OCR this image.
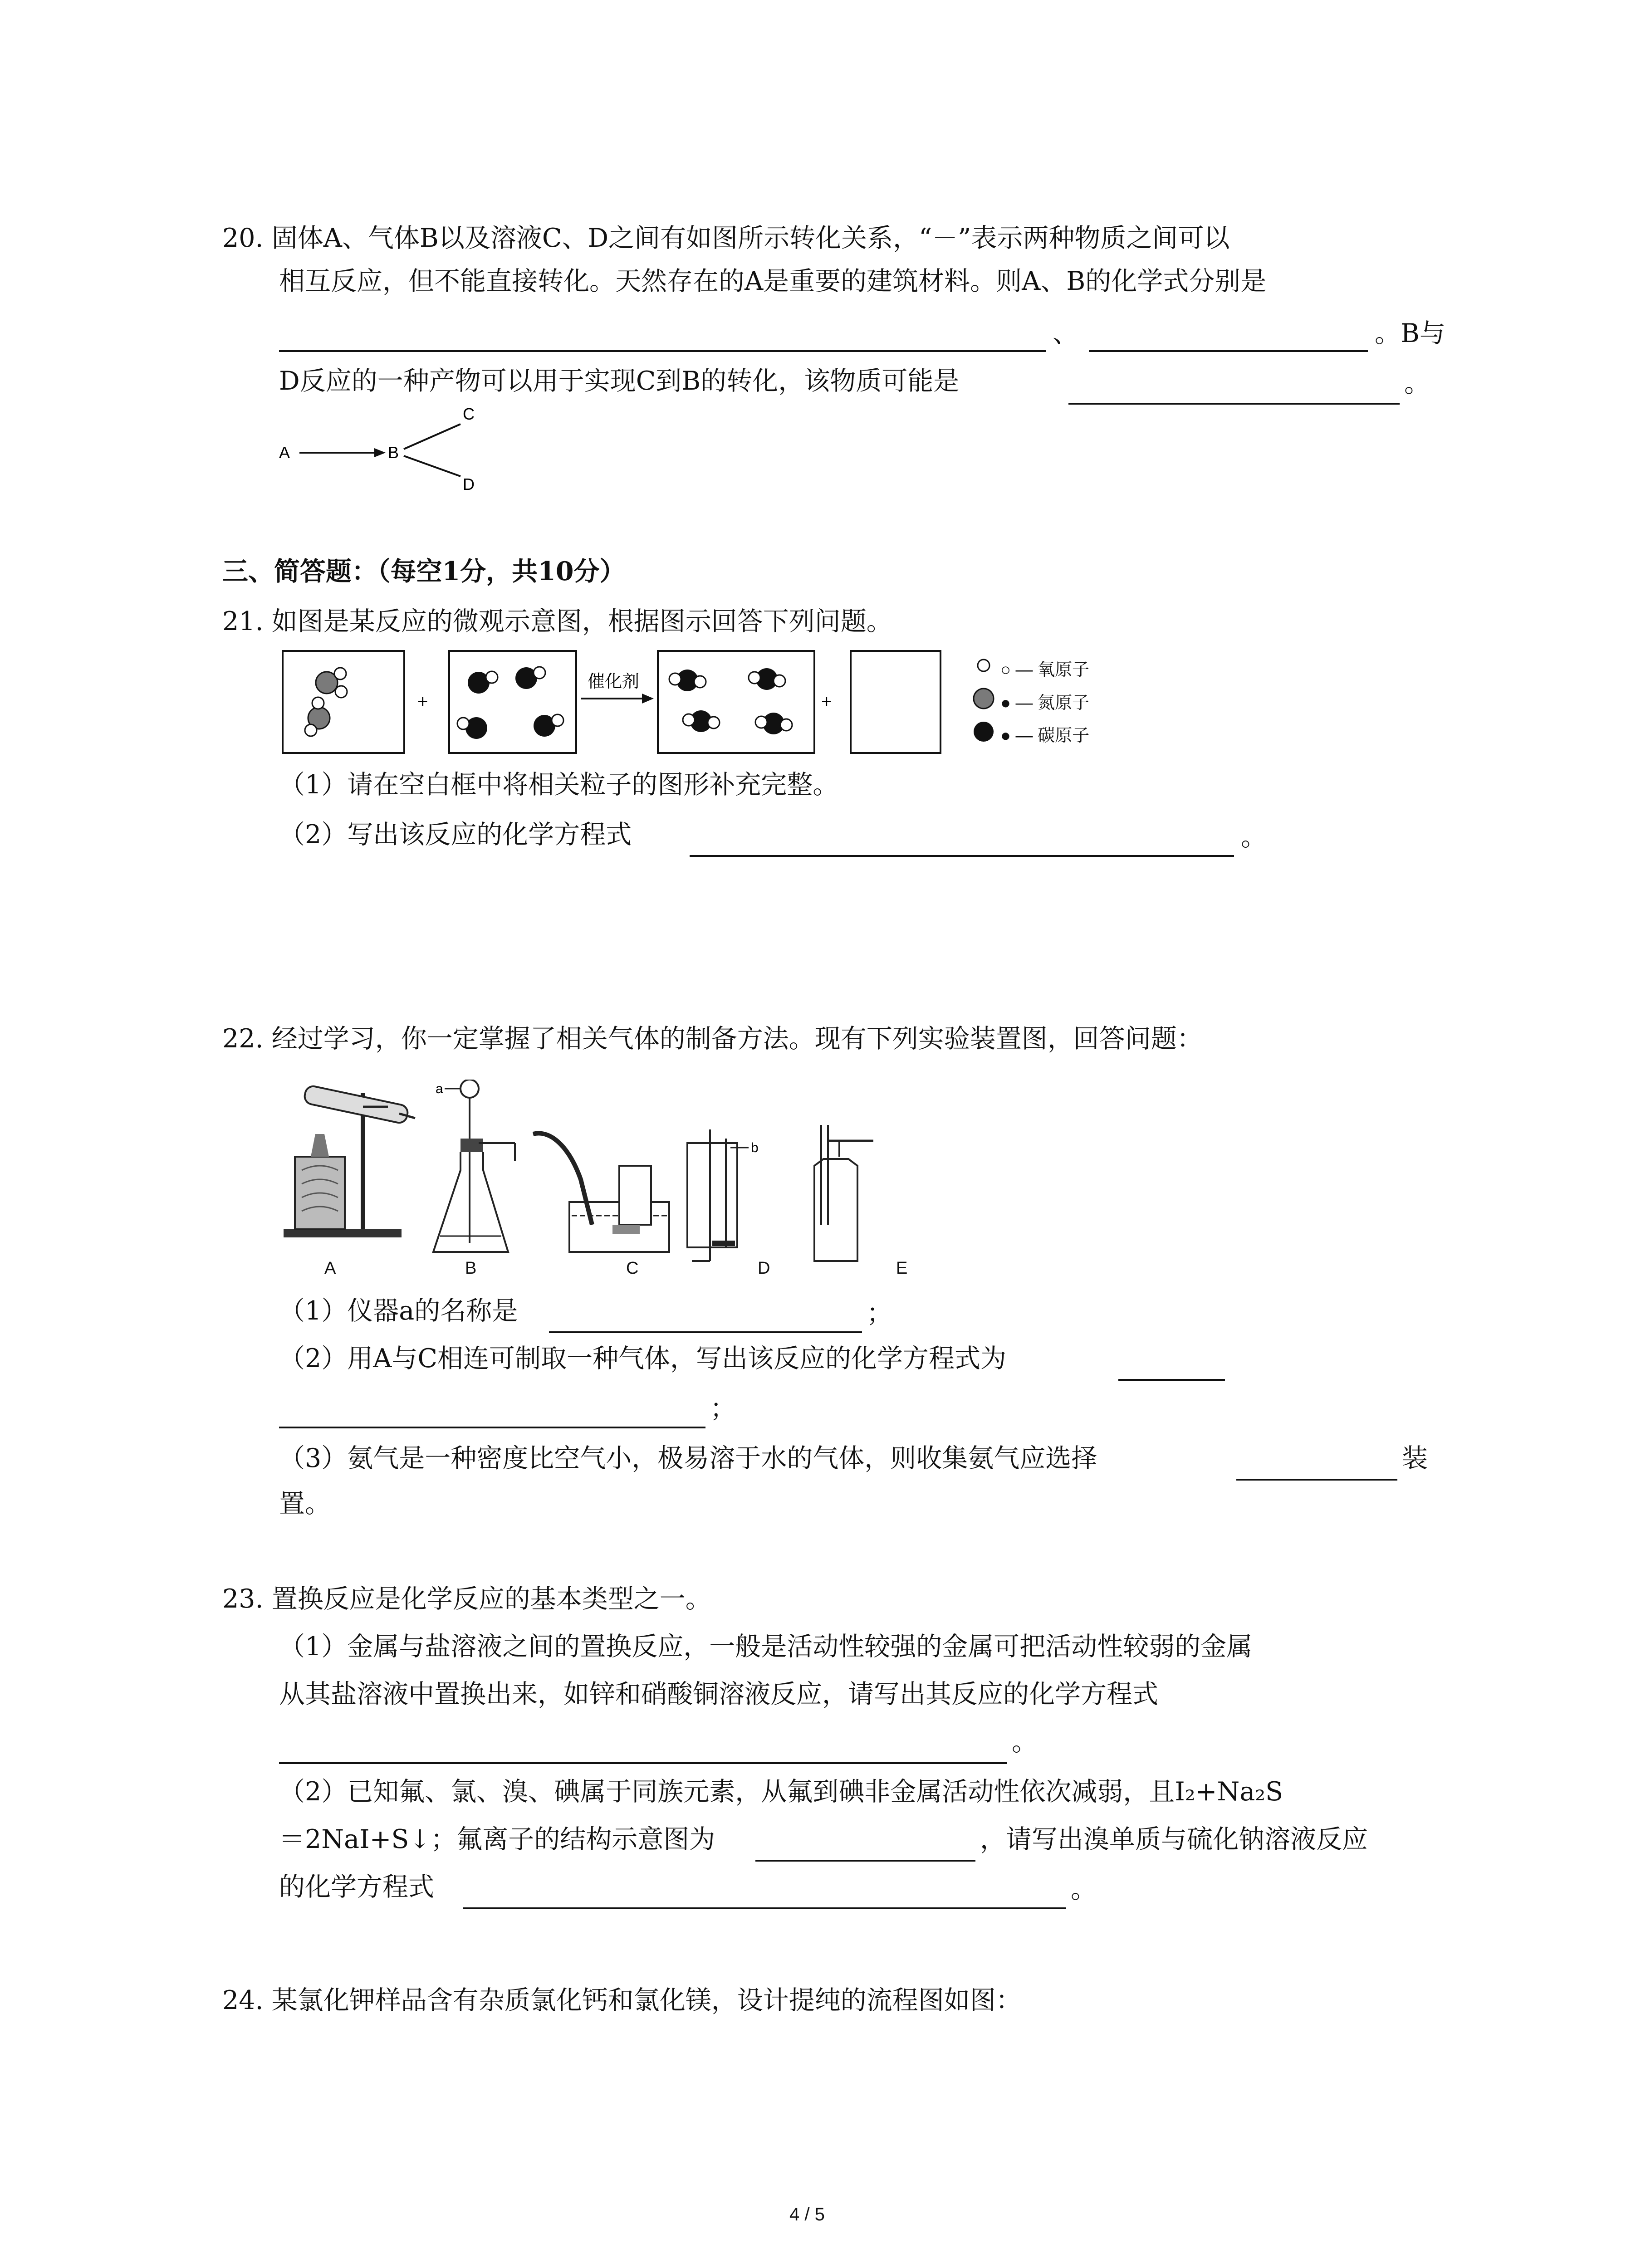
20. 固体A、气体B以及溶液C、D之间有如图所示转化关系，“－”表示两种物质之间可以
相互反应，但不能直接转化。天然存在的A是重要的建筑材料。则A、B的化学式分别是
、	。B与
D反应的一种产物可以用于实现C到B的转化，该物质可能是	。
A	B
C
D
三、简答题：（每空1分，共10分）
21. 如图是某反应的微观示意图，根据图示回答下列问题。
+
催化剂
+
○ — 氧原子
● — 氮原子
● — 碳原子
（1）请在空白框中将相关粒子的图形补充完整。
（2）写出该反应的化学方程式	。
22. 经过学习，你一定掌握了相关气体的制备方法。现有下列实验装置图，回答问题：
a
b
A	B	C	D	E
（1）仪器a的名称是	；
（2）用A与C相连可制取一种气体，写出该反应的化学方程式为
；
（3）氨气是一种密度比空气小，极易溶于水的气体，则收集氨气应选择	装
置。
23. 置换反应是化学反应的基本类型之一。
（1）金属与盐溶液之间的置换反应，一般是活动性较强的金属可把活动性较弱的金属
从其盐溶液中置换出来，如锌和硝酸铜溶液反应，请写出其反应的化学方程式
。
（2）已知氟、氯、溴、碘属于同族元素，从氟到碘非金属活动性依次减弱，且I₂+Na₂S
＝2NaI+S↓；氟离子的结构示意图为	，请写出溴单质与硫化钠溶液反应
的化学方程式	。
24. 某氯化钾样品含有杂质氯化钙和氯化镁，设计提纯的流程图如图：
4 / 5
